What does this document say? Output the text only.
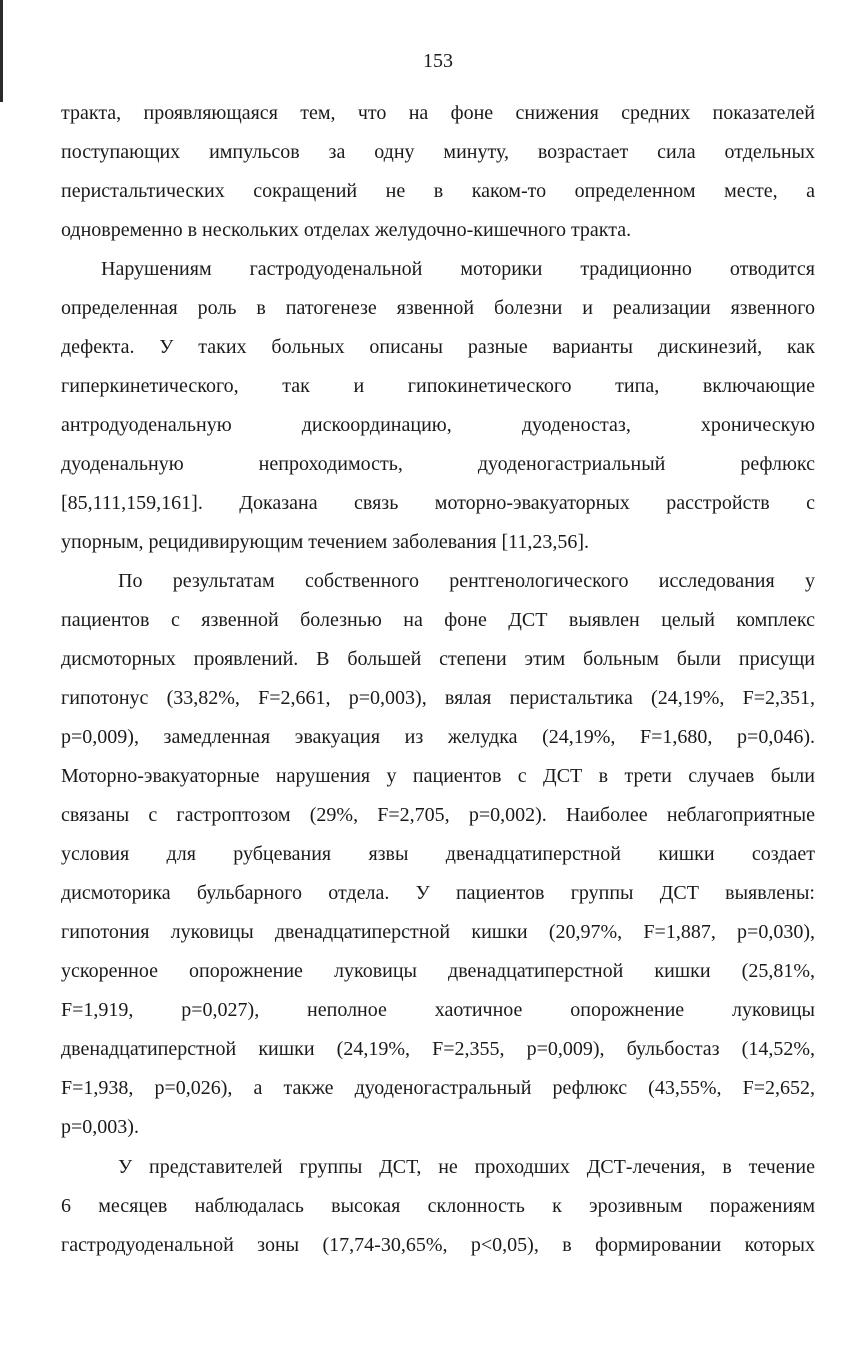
153
тракта, проявляющаяся тем, что на фоне снижения средних показателей
поступающих импульсов за одну минуту, возрастает сила отдельных
перистальтических сокращений не в каком-то определенном месте, а
одновременно в нескольких отделах желудочно-кишечного тракта.
Нарушениям гастродуоденальной моторики традиционно отводится
определенная роль в патогенезе язвенной болезни и реализации язвенного
дефекта. У таких больных описаны разные варианты дискинезий, как
гиперкинетического, так и гипокинетического типа, включающие
антродуоденальную дискоординацию, дуоденостаз, хроническую
дуоденальную непроходимость, дуоденогастриальный рефлюкс
[85,111,159,161]. Доказана связь моторно-эвакуаторных расстройств с
упорным, рецидивирующим течением заболевания [11,23,56].
По результатам собственного рентгенологического исследования у
пациентов с язвенной болезнью на фоне ДСТ выявлен целый комплекс
дисмоторных проявлений. В большей степени этим больным были присущи
гипотонус (33,82%, F=2,661, p=0,003), вялая перистальтика (24,19%, F=2,351,
p=0,009), замедленная эвакуация из желудка (24,19%, F=1,680, p=0,046).
Моторно-эвакуаторные нарушения у пациентов с ДСТ в трети случаев были
связаны с гастроптозом (29%, F=2,705, p=0,002). Наиболее неблагоприятные
условия для рубцевания язвы двенадцатиперстной кишки создает
дисмоторика бульбарного отдела. У пациентов группы ДСТ выявлены:
гипотония луковицы двенадцатиперстной кишки (20,97%, F=1,887, p=0,030),
ускоренное опорожнение луковицы двенадцатиперстной кишки (25,81%,
F=1,919, p=0,027), неполное хаотичное опорожнение луковицы
двенадцатиперстной кишки (24,19%, F=2,355, p=0,009), бульбостаз (14,52%,
F=1,938, p=0,026), а также дуоденогастральный рефлюкс (43,55%, F=2,652,
p=0,003).
У представителей группы ДСТ, не проходших ДСТ-лечения, в течение
6 месяцев наблюдалась высокая склонность к эрозивным поражениям
гастродуоденальной зоны (17,74-30,65%, p<0,05), в формировании которых
